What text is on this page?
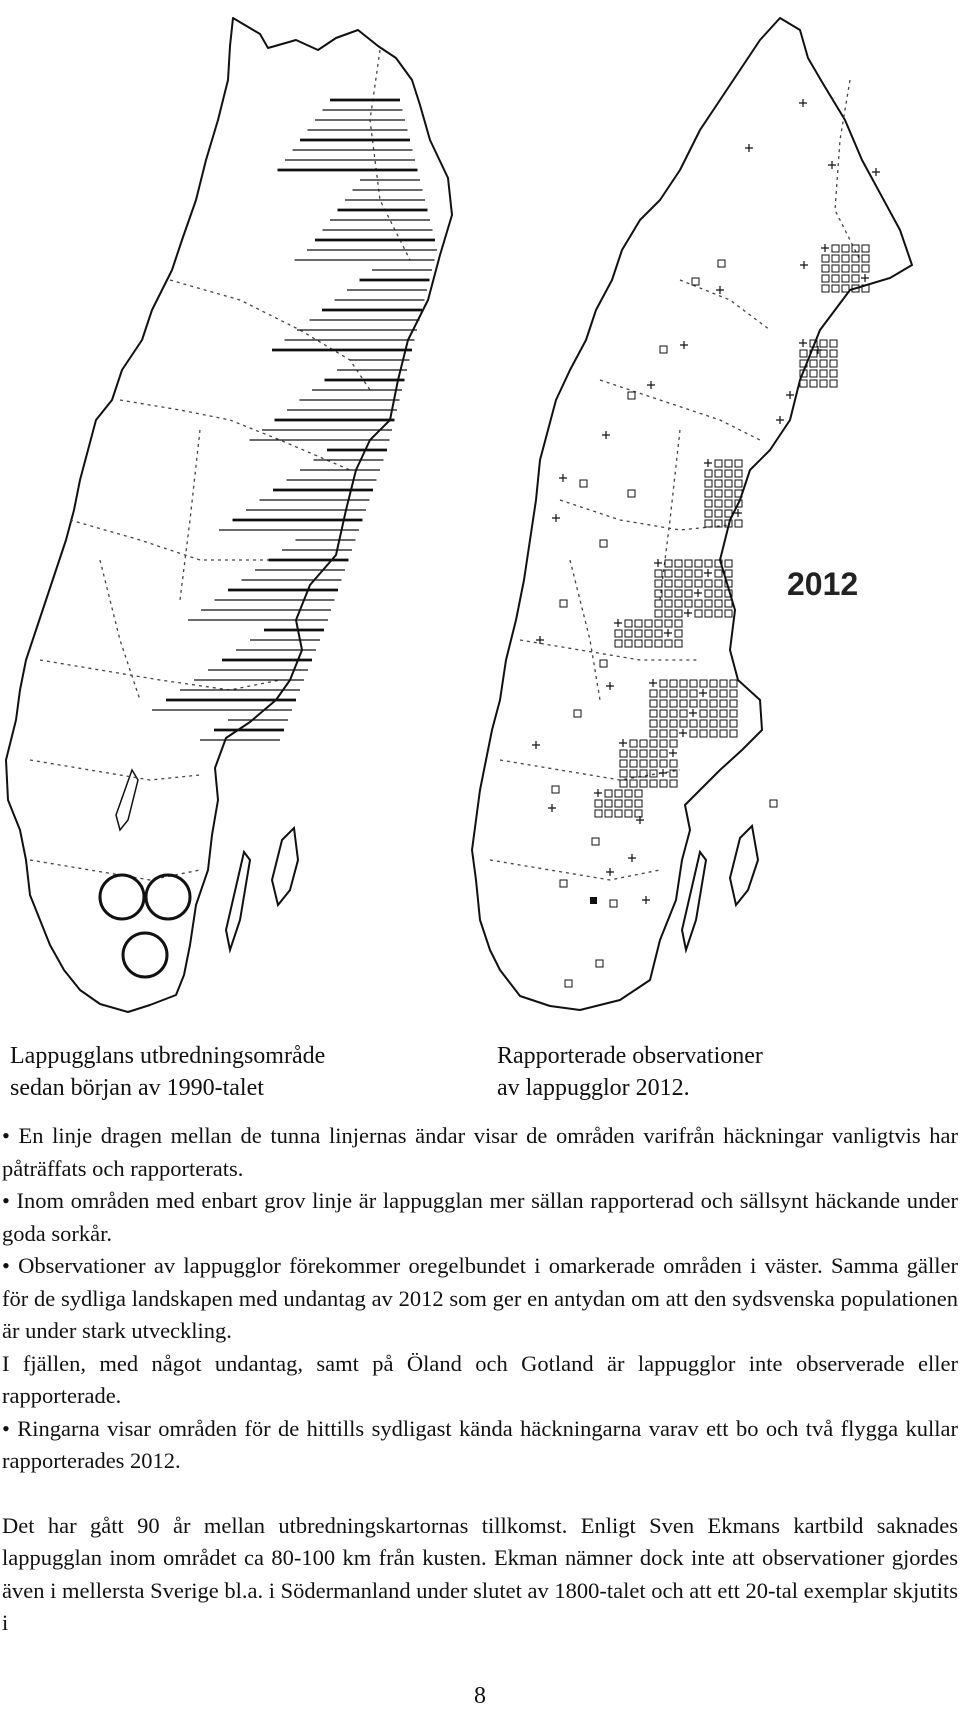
2012
Lappugglans utbredningsområde
sedan början av 1990-talet
Rapporterade observationer
av lappugglor 2012.

• En linje dragen mellan de tunna linjernas ändar visar de områden varifrån häckningar vanligtvis har påträffats och rapporterats.

• Inom områden med enbart grov linje är lappugglan mer sällan rapporterad och sällsynt häckande under goda sorkår.

• Observationer av lappugglor förekommer oregelbundet i omarkerade områden i väster. Samma gäller för de sydliga landskapen med undantag av 2012 som ger en antydan om att den sydsvenska populationen är under stark utveckling.

I fjällen, med något undantag, samt på Öland och Gotland är lappugglor inte observerade eller rapporterade.

• Ringarna visar områden för de hittills sydligast kända häckningarna varav ett bo och två flygga kullar rapporterades 2012.

Det har gått 90 år mellan utbredningskartornas tillkomst. Enligt Sven Ekmans kartbild saknades lappugglan inom området ca 80-100 km från kusten. Ekman nämner dock inte att observationer gjordes även i mellersta Sverige bl.a. i Södermanland under slutet av 1800-talet och att ett 20-tal exemplar skjutits i

8
